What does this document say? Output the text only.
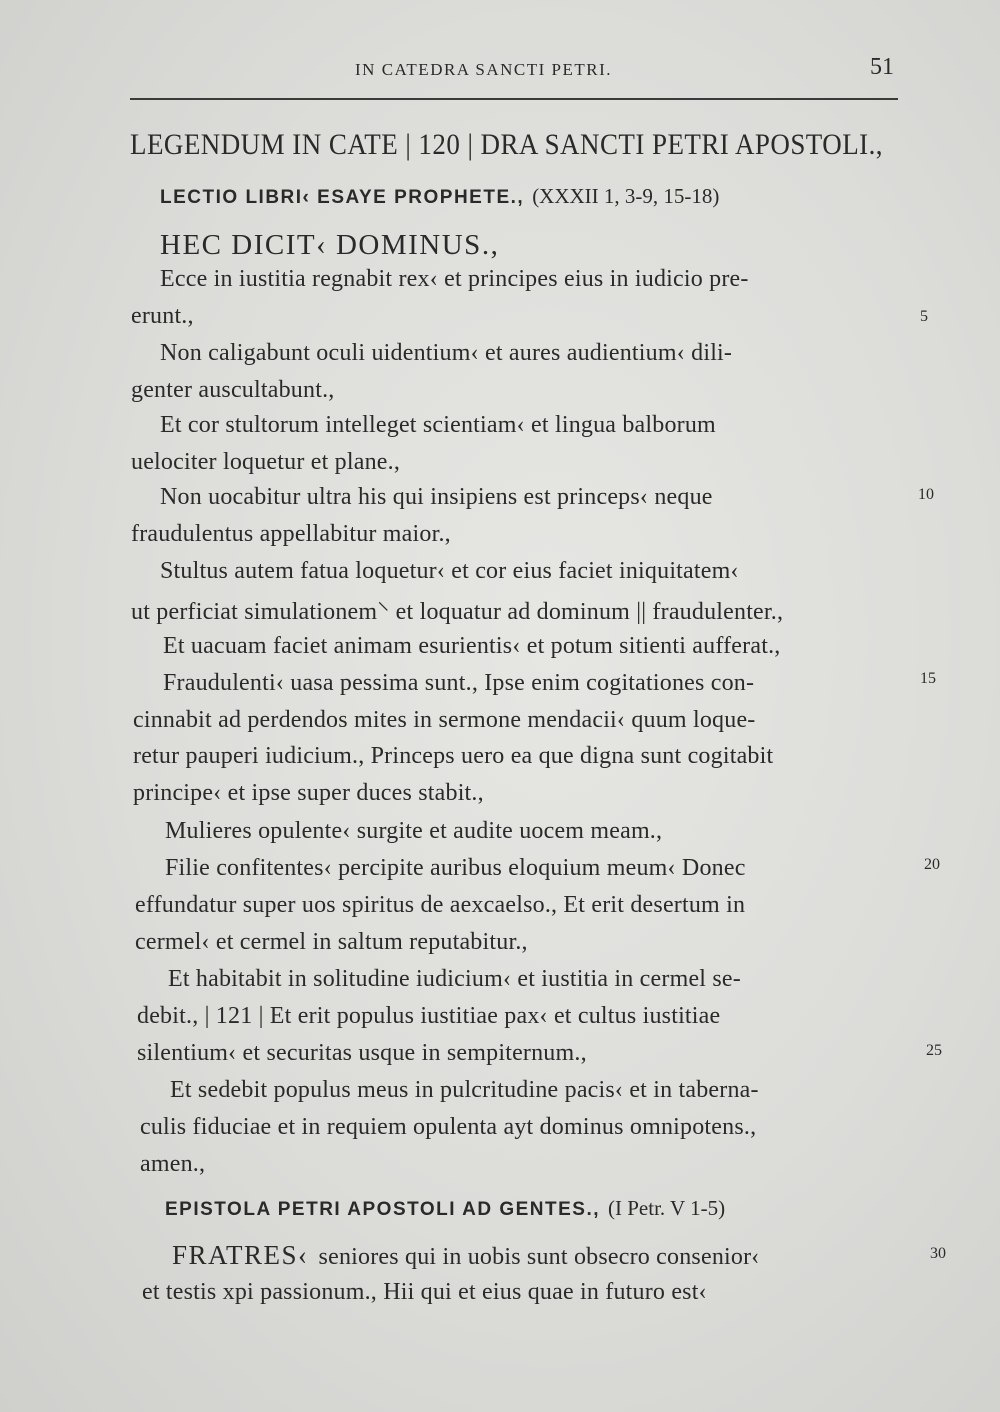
IN CATEDRA SANCTI PETRI.	51
LEGENDUM IN CATE | 120 | DRA SANCTI PETRI APOSTOLI.,
LECTIO LIBRI‹ ESAYE PROPHETE., (XXXII 1, 3-9, 15-18)
HEC DICIT‹ DOMINUS.,
Ecce in iustitia regnabit rex‹ et principes eius in iudicio pre-
erunt.,
Non caligabunt oculi uidentium‹ et aures audientium‹ dili-
genter auscultabunt.,
Et cor stultorum intelleget scientiam‹ et lingua balborum
uelociter loquetur et plane.,
Non uocabitur ultra his qui insipiens est princeps‹ neque
fraudulentus appellabitur maior.,
Stultus autem fatua loquetur‹ et cor eius faciet iniquitatem‹
ut perficiat simulationem⸌ et loquatur ad dominum || fraudulenter.,
Et uacuam faciet animam esurientis‹ et potum sitienti aufferat.,
Fraudulenti‹ uasa pessima sunt., Ipse enim cogitationes con-
cinnabit ad perdendos mites in sermone mendacii‹ quum loque-
retur pauperi iudicium., Princeps uero ea que digna sunt cogitabit
principe‹ et ipse super duces stabit.,
Mulieres opulente‹ surgite et audite uocem meam.,
Filie confitentes‹ percipite auribus eloquium meum‹ Donec
effundatur super uos spiritus de aexcaelso., Et erit desertum in
cermel‹ et cermel in saltum reputabitur.,
Et habitabit in solitudine iudicium‹ et iustitia in cermel se-
debit., | 121 | Et erit populus iustitiae pax‹ et cultus iustitiae
silentium‹ et securitas usque in sempiternum.,
Et sedebit populus meus in pulcritudine pacis‹ et in taberna-
culis fiduciae et in requiem opulenta ayt dominus omnipotens.,
amen.,
EPISTOLA PETRI APOSTOLI AD GENTES., (I Petr. V 1-5)
FRATRES‹ seniores qui in uobis sunt obsecro consenior‹
et testis xpi passionum., Hii qui et eius quae in futuro est‹
5
10
15
20
25
30
